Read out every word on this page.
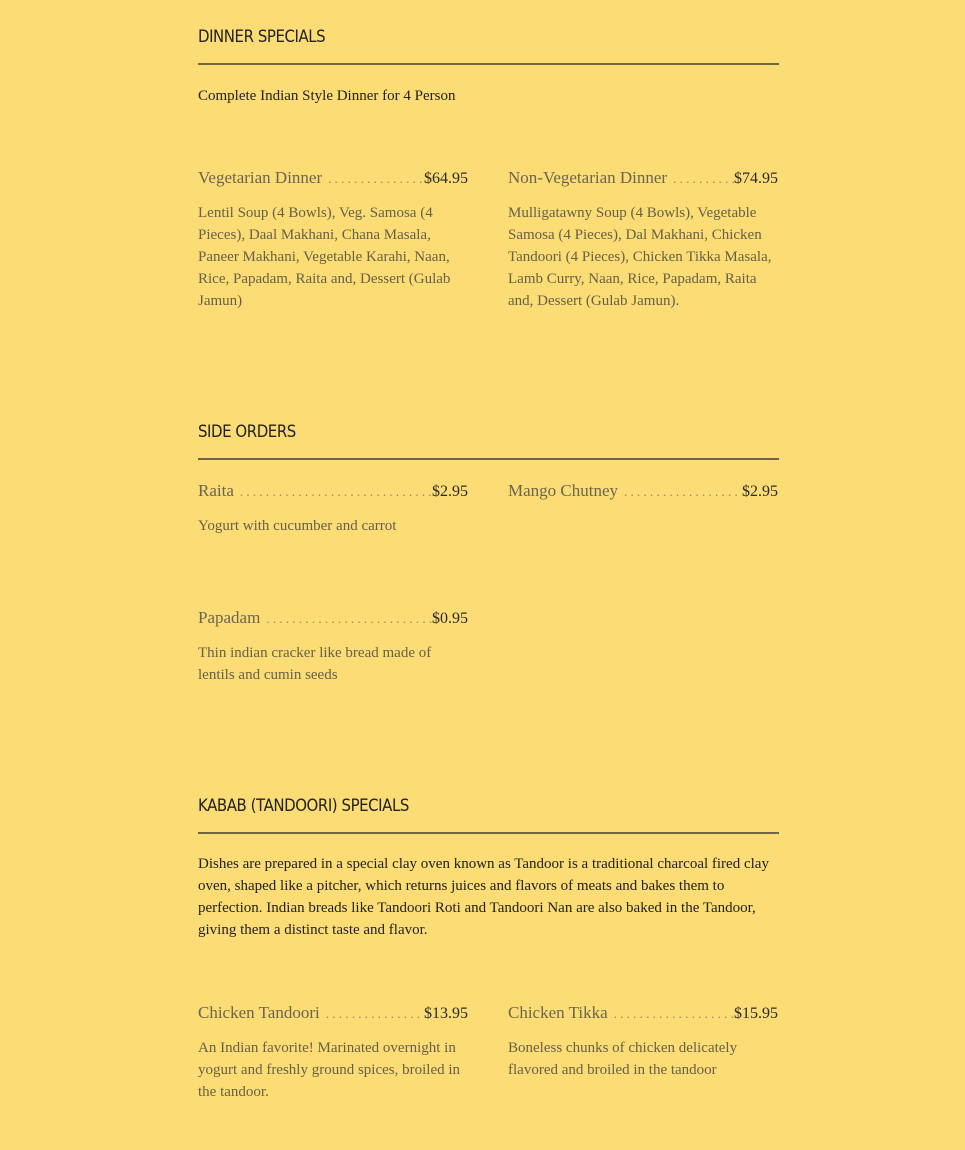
DINNER SPECIALS

Complete Indian Style Dinner for 4 Person

Vegetarian Dinner . . .	$64.95

Lentil Soup (4 Bowls), Veg. Samosa (4 Pieces), Daal Makhani, Chana Masala, Paneer Makhani, Vegetable Karahi, Naan, Rice, Papadam, Raita and, Dessert (Gulab Jamun)

Non-Vegetarian Dinner . . .	$74.95

Mulligatawny Soup (4 Bowls), Vegetable Samosa (4 Pieces), Dal Makhani, Chicken Tandoori (4 Pieces), Chicken Tikka Masala, Lamb Curry, Naan, Rice, Papadam, Raita and, Dessert (Gulab Jamun).

SIDE ORDERS
Raita . . .	$2.95

Yogurt with cucumber and carrot

Mango Chutney . . .	$2.95
Papadam . . .	$0.95

Thin indian cracker like bread made of lentils and cumin seeds

KABAB (TANDOORI) SPECIALS

Dishes are prepared in a special clay oven known as Tandoor is a traditional charcoal fired clay oven, shaped like a pitcher, which returns juices and flavors of meats and bakes them to perfection. Indian breads like Tandoori Roti and Tandoori Nan are also baked in the Tandoor, giving them a distinct taste and flavor.

Chicken Tandoori . . .	$13.95

An Indian favorite! Marinated overnight in yogurt and freshly ground spices, broiled in the tandoor.

Chicken Tikka . . .	$15.95

Boneless chunks of chicken delicately flavored and broiled in the tandoor
